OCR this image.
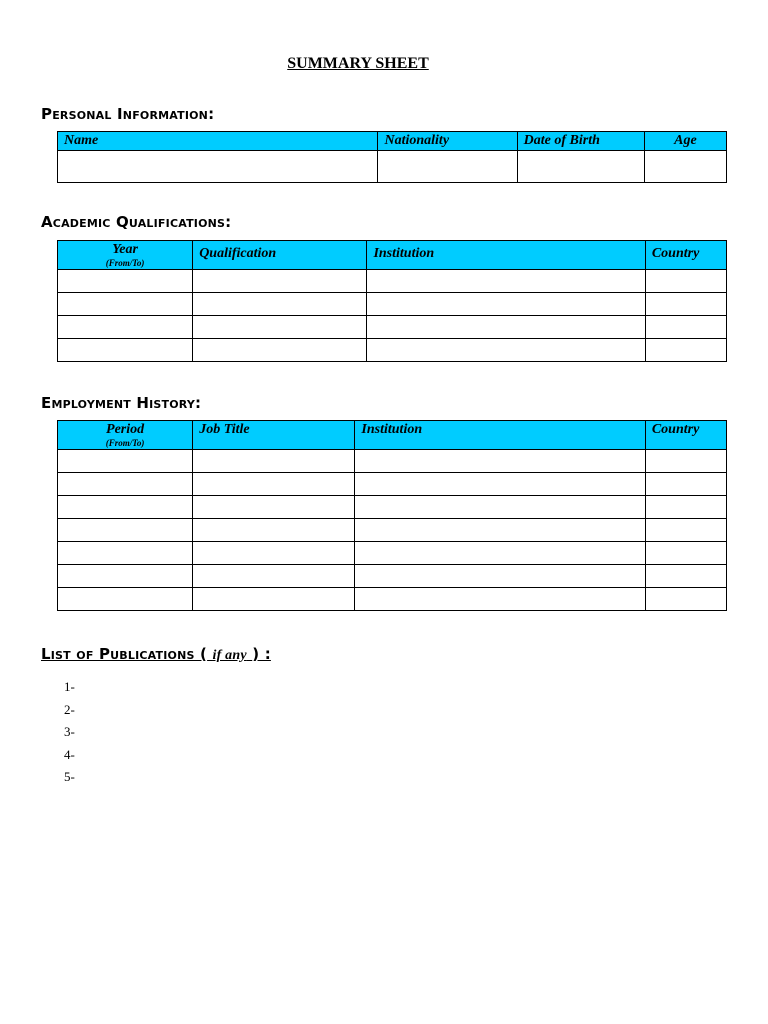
SUMMARY SHEET
Personal Information:
Name	Nationality	Date of Birth	Age

Academic Qualifications:
Year
(From/To)	Qualification	Institution	Country

Employment History:
Period
(From/To)	Job Title	Institution	Country

List of Publications ( if any ) :
1-
2-
3-
4-
5-
